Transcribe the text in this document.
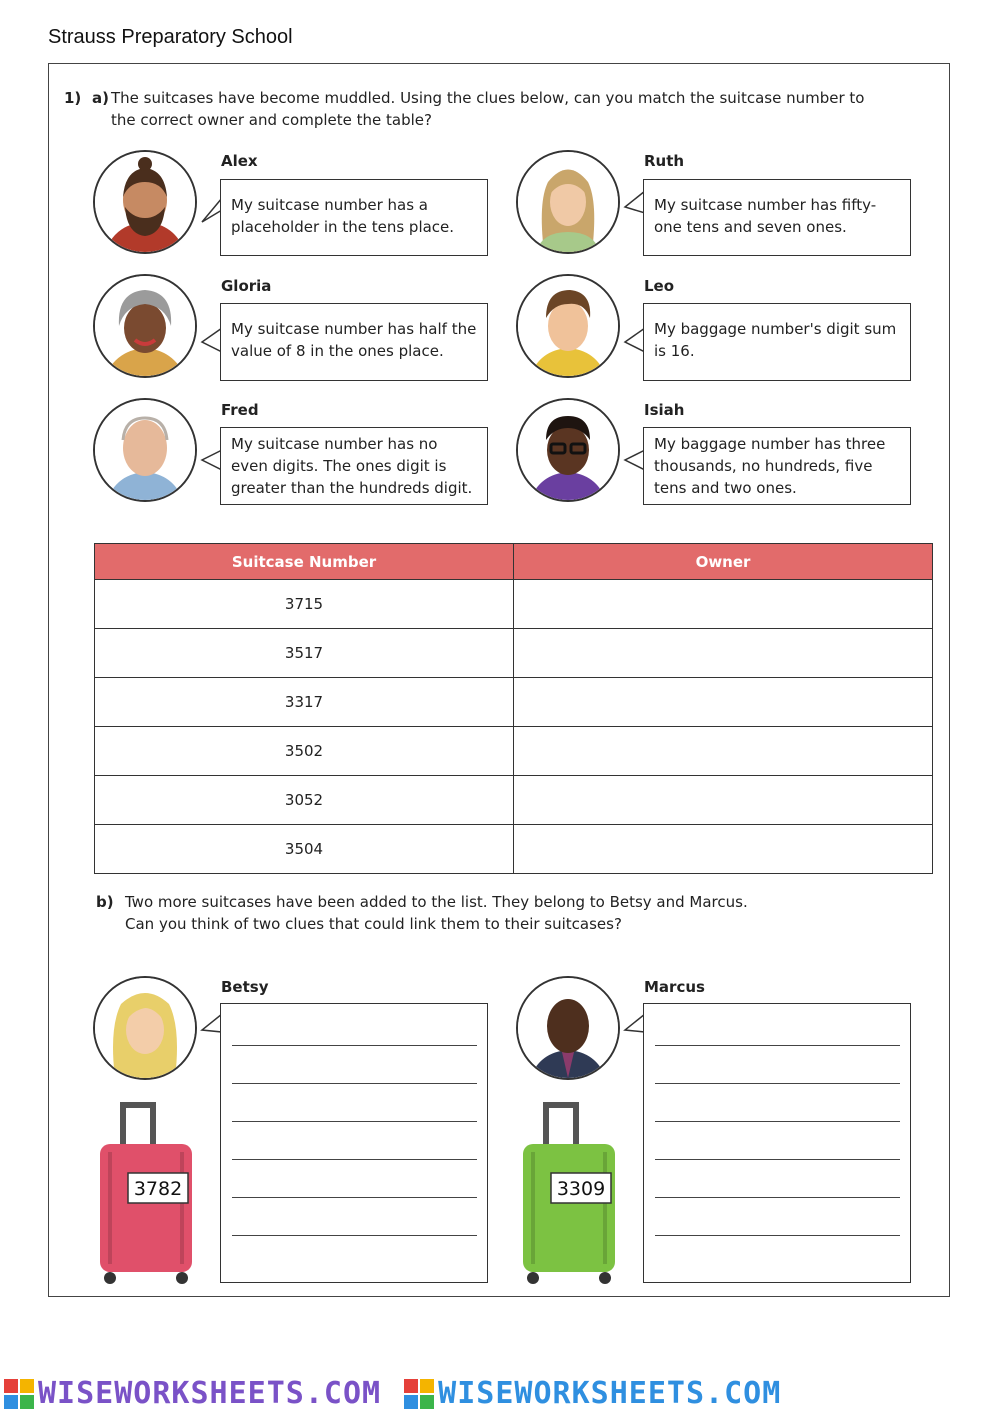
Strauss Preparatory School
1) a) The suitcases have become muddled. Using the clues below, can you match the suitcase number to the correct owner and complete the table?
Alex
My suitcase number has a placeholder in the tens place.
Ruth
My suitcase number has fifty-one tens and seven ones.
Gloria
My suitcase number has half the value of 8 in the ones place.
Leo
My baggage number's digit sum is 16.
Fred
My suitcase number has no even digits. The ones digit is greater than the hundreds digit.
Isiah
My baggage number has three thousands, no hundreds, five tens and two ones.
Suitcase Number	Owner
3715	
3517	
3317	
3502	
3052	
3504	
b) Two more suitcases have been added to the list. They belong to Betsy and Marcus.
Can you think of two clues that could link them to their suitcases?
Betsy
3782
Marcus
3309
WISEWORKSHEETS.COM WISEWORKSHEETS.COM
